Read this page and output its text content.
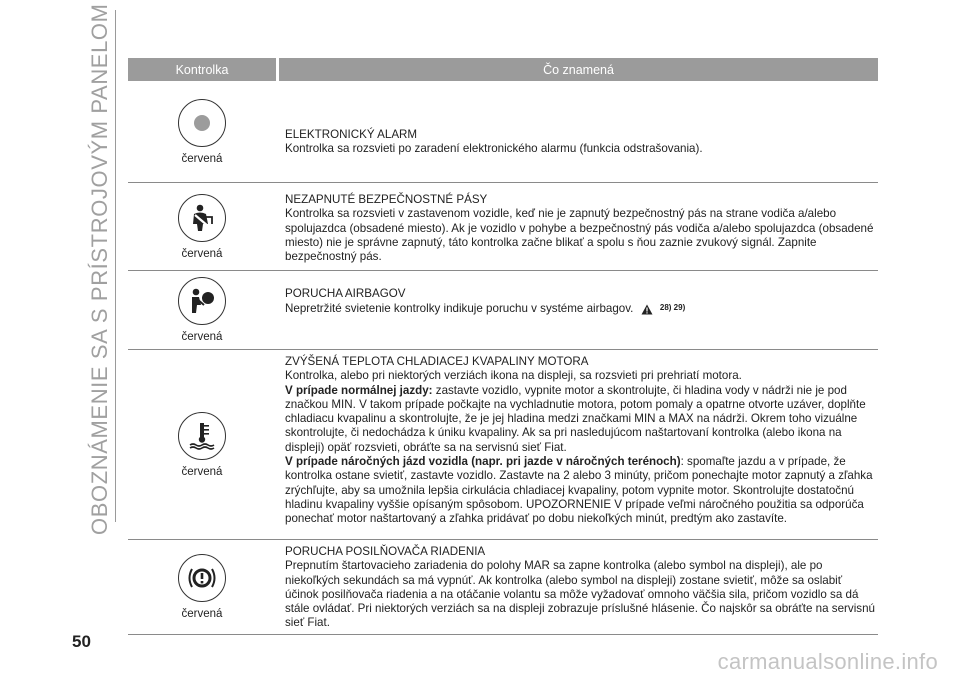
OBOZNÁMENIE SA S PRÍSTROJOVÝM PANELOM	Kontrolka	Čo znamená
červená
ELEKTRONICKÝ ALARM
Kontrolka sa rozsvieti po zaradení elektronického alarmu (funkcia odstrašovania).
červená
NEZAPNUTÉ BEZPEČNOSTNÉ PÁSY
Kontrolka sa rozsvieti v zastavenom vozidle, keď nie je zapnutý bezpečnostný pás na strane vodiča a/alebo spolujazdca (obsadené miesto). Ak je vozidlo v pohybe a bezpečnostný pás vodiča a/alebo spolujazdca (obsadené miesto) nie je správne zapnutý, táto kontrolka začne blikať a spolu s ňou zaznie zvukový signál. Zapnite bezpečnostný pás.
červená
PORUCHA AIRBAGOV
Nepretržité svietenie kontrolky indikuje poruchu v systéme airbagov.	28) 29)
červená
ZVÝŠENÁ TEPLOTA CHLADIACEJ KVAPALINY MOTORA
Kontrolka, alebo pri niektorých verziách ikona na displeji, sa rozsvieti pri prehriatí motora.
V prípade normálnej jazdy: zastavte vozidlo, vypnite motor a skontrolujte, či hladina vody v nádrži nie je pod značkou MIN. V takom prípade počkajte na vychladnutie motora, potom pomaly a opatrne otvorte uzáver, doplňte chladiacu kvapalinu a skontrolujte, že je jej hladina medzi značkami MIN a MAX na nádrži. Okrem toho vizuálne skontrolujte, či nedochádza k úniku kvapaliny. Ak sa pri nasledujúcom naštartovaní kontrolka (alebo ikona na displeji) opäť rozsvieti, obráťte sa na servisnú sieť Fiat.
V prípade náročných jázd vozidla (napr. pri jazde v náročných terénoch): spomaľte jazdu a v prípade, že kontrolka ostane svietiť, zastavte vozidlo. Zastavte na 2 alebo 3 minúty, pričom ponechajte motor zapnutý a zľahka zrýchľujte, aby sa umožnila lepšia cirkulácia chladiacej kvapaliny, potom vypnite motor. Skontrolujte dostatočnú hladinu kvapaliny vyššie opísaným spôsobom. UPOZORNENIE V prípade veľmi náročného použitia sa odporúča ponechať motor naštartovaný a zľahka pridávať po dobu niekoľkých minút, predtým ako zastavíte.
červená
PORUCHA POSILŇOVAČA RIADENIA
Prepnutím štartovacieho zariadenia do polohy MAR sa zapne kontrolka (alebo symbol na displeji), ale po niekoľkých sekundách sa má vypnúť. Ak kontrolka (alebo symbol na displeji) zostane svietiť, môže sa oslabiť účinok posilňovača riadenia a na otáčanie volantu sa môže vyžadovať omnoho väčšia sila, pričom vozidlo sa dá stále ovládať. Pri niektorých verziách sa na displeji zobrazuje príslušné hlásenie. Čo najskôr sa obráťte na servisnú sieť Fiat.
50
carmanualsonline.info
